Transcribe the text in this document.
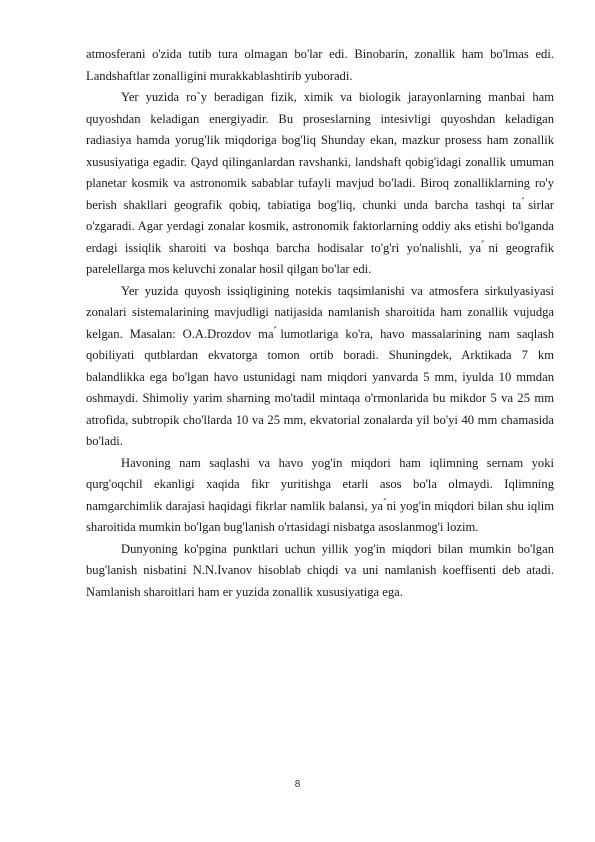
atmosferani o'zida tutib tura olmagan bo'lar edi. Binobarin, zonallik ham bo'lmas edi. Landshaftlar zonalligini murakkablashtirib yuboradi.

Yer yuzida ro`y beradigan fizik, ximik va biologik jarayonlarning manbai ham quyoshdan keladigan energiyadir. Bu proseslarning intesivligi quyoshdan keladigan radiasiya hamda yorug'lik miqdoriga bog'liq Shunday ekan, mazkur prosess ham zonallik xususiyatiga egadir. Qayd qilinganlardan ravshanki, landshaft qobig'idagi zonallik umuman planetar kosmik va astronomik sabablar tufayli mavjud bo'ladi. Biroq zonalliklarning ro'y berish shakllari geografik qobiq, tabiatiga bog'liq, chunki unda barcha tashqi ta ́sirlar o'zgaradi. Agar yerdagi zonalar kosmik, astronomik faktorlarning oddiy aks etishi bo'lganda erdagi issiqlik sharoiti va boshqa barcha hodisalar to'g'ri yo'nalishli, ya ́ni geografik parelellarga mos keluvchi zonalar hosil qilgan bo'lar edi.

Yer yuzida quyosh issiqligining notekis taqsimlanishi va atmosfera sirkulyasiyasi zonalari sistemalarining mavjudligi natijasida namlanish sharoitida ham zonallik vujudga kelgan. Masalan: O.A.Drozdov ma ́lumotlariga ko'ra, havo massalarining nam saqlash qobiliyati qutblardan ekvatorga tomon ortib boradi. Shuningdek, Arktikada 7 km balandlikka ega bo'lgan havo ustunidagi nam miqdori yanvarda 5 mm, iyulda 10 mmdan oshmaydi. Shimoliy yarim sharning mo'tadil mintaqa o'rmonlarida bu mikdor 5 va 25 mm atrofida, subtropik cho'llarda 10 va 25 mm, ekvatorial zonalarda yil bo'yi 40 mm chamasida bo'ladi.

Havoning nam saqlashi va havo yog'in miqdori ham iqlimning sernam yoki qurg'oqchil ekanligi xaqida fikr yuritishga etarli asos bo'la olmaydi. Iqlimning namgarchimlik darajasi haqidagi fikrlar namlik balansi, ya ́ni yog'in miqdori bilan shu iqlim sharoitida mumkin bo'lgan bug'lanish o'rtasidagi nisbatga asoslanmog'i lozim.

Dunyoning ko'pgina punktlari uchun yillik yog'in miqdori bilan mumkin bo'lgan bug'lanish nisbatini N.N.Ivanov hisoblab chiqdi va uni namlanish koeffisenti deb atadi. Namlanish sharoitlari ham er yuzida zonallik xususiyatiga ega.

8
